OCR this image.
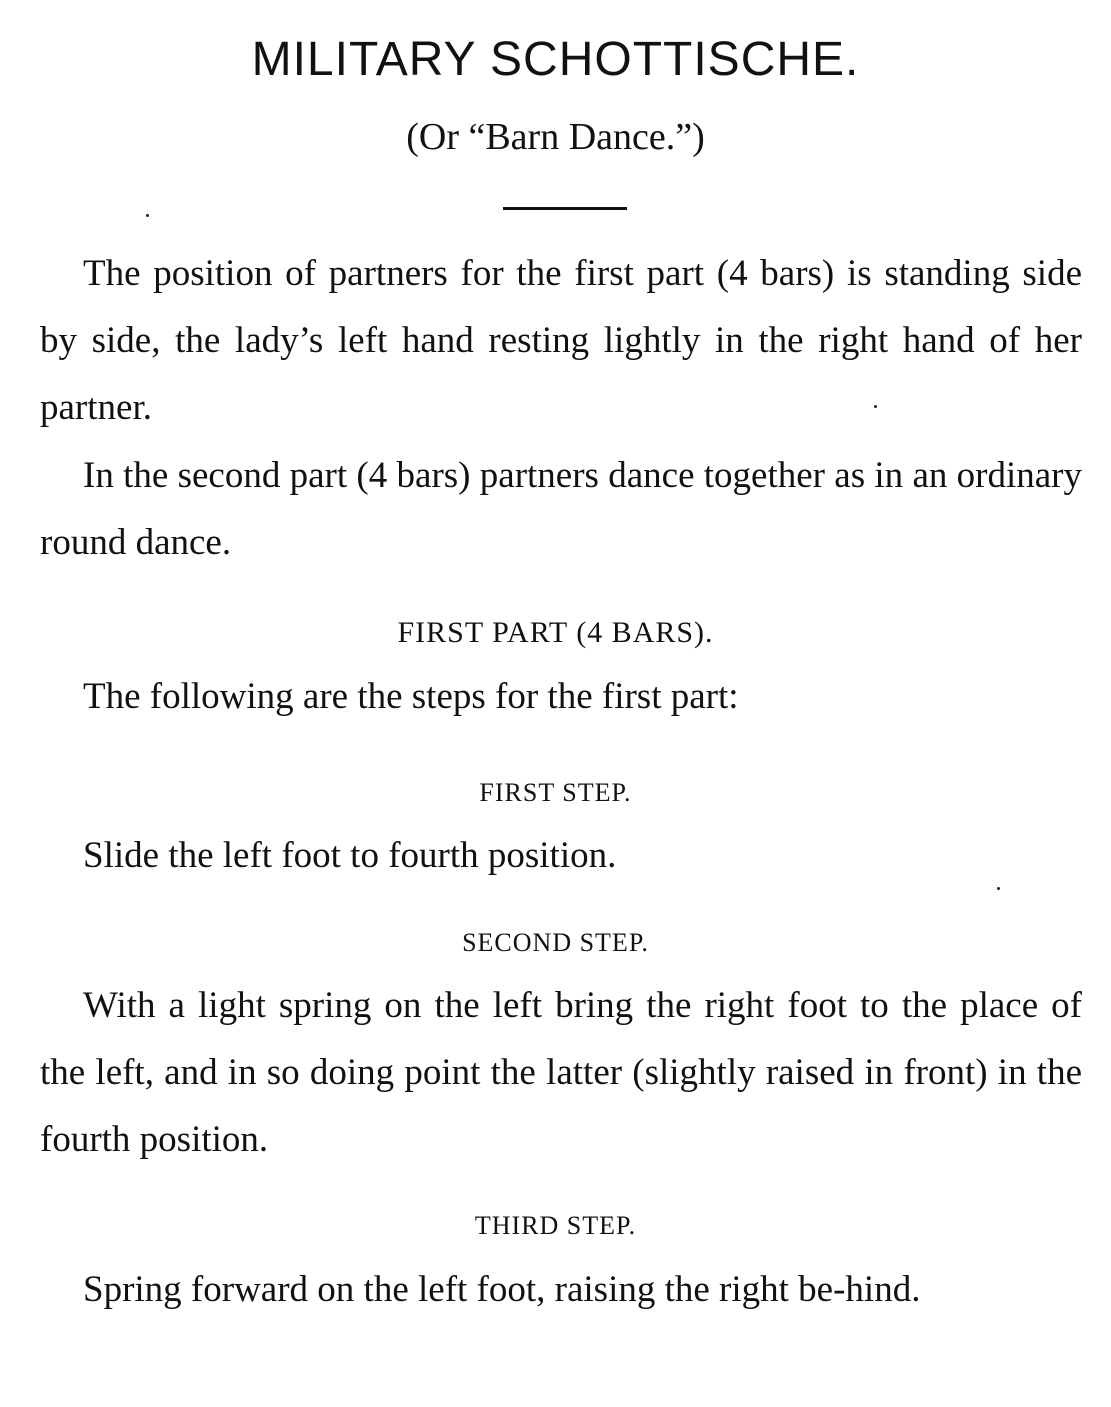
MILITARY SCHOTTISCHE.

(Or “Barn Dance.”)

The position of partners for the first part (4 bars) is standing side by side, the lady’s left hand resting lightly in the right hand of her partner.

In the second part (4 bars) partners dance together as in an ordinary round dance.

FIRST PART (4 BARS).

The following are the steps for the first part:

FIRST STEP.

Slide the left foot to fourth position.

SECOND STEP.

With a light spring on the left bring the right foot to the place of the left, and in so doing point the latter (slightly raised in front) in the fourth position.

THIRD STEP.

Spring forward on the left foot, raising the right be-hind.
